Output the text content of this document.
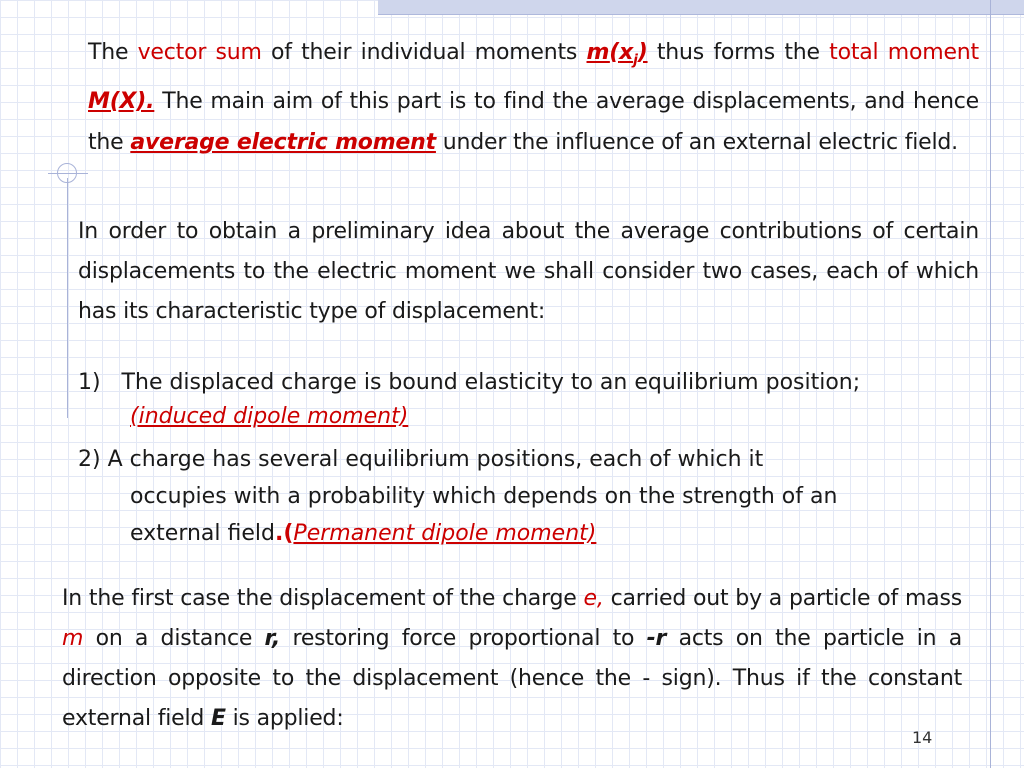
The vector sum of their individual moments $m(x_j)$ thus forms the total moment M(X). The main aim of this part is to find the average displacements, and hence the average electric moment under the influence of an external electric field.
In order to obtain a preliminary idea about the average contributions of certain displacements to the electric moment we shall consider two cases, each of which has its characteristic type of displacement:
1)   The displaced charge is bound elasticity to an equilibrium position;
(induced dipole moment)
2) A charge has several equilibrium positions, each of which it
occupies with a probability which depends on the strength of an
external field.(Permanent dipole moment)
In the first case the displacement of the charge e, carried out by a particle of mass m on a distance r, restoring force proportional to -r acts on the particle in a direction opposite to the displacement (hence the - sign). Thus if the constant external field E is applied:
14
